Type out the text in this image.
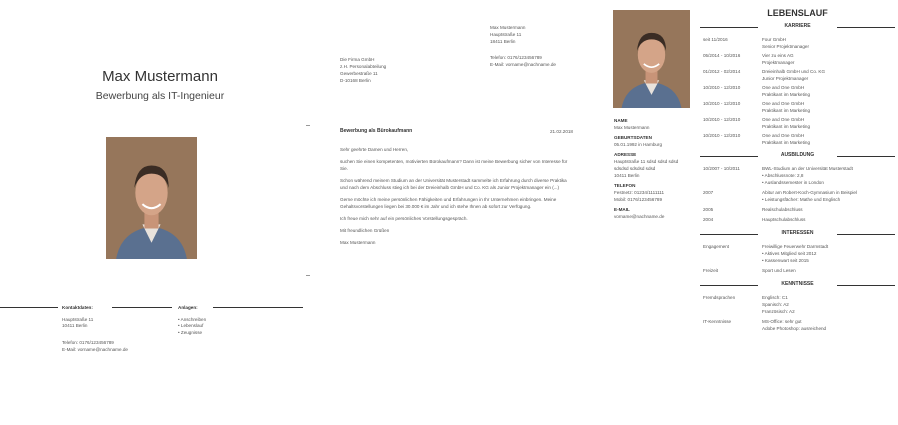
Max Mustermann
Bewerbung als IT-Ingenieur
Kontaktdaten:	Anlagen:
Hauptstraße 11
10411 Berlin
Telefon: 0176/123456789
E-Mail: vorname@nachname.de
• Anschreiben
• Lebenslauf
• Zeugnisse
Max Mustermann
Hauptstraße 11
18411 Berlin
Telefon: 0176/123456789
E-Mail: vorname@nachname.de
Die Firma GmbH
z.H. Personalabteilung
Gewerbestraße 11
D-10168 Berlin
Bewerbung als Bürokaufmann	21.02.2018

Sehr geehrte Damen und Herren,

suchen Sie einen kompetenten, motivierten Bürokaufmann? Dann ist meine Bewerbung sicher von Interesse für Sie.

Schon während meinem Studium an der Universität Musterstadt sammelte ich Erfahrung durch diverse Praktika und nach dem Abschluss stieg ich bei der Dreieinhalb GmbH und Co. KG als Junior Projektmanager ein (...)

Gerne möchte ich meine persönlichen Fähigkeiten und Erfahrungen in Ihr Unternehmen einbringen. Meine Gehaltsvorstellungen liegen bei 30.000 € im Jahr und ich stehe Ihnen ab sofort zur Verfügung.

Ich freue mich sehr auf ein persönliches Vorstellungsgespräch.

Mit freundlichen Grüßen

Max Mustermann

NAME
Max Mustermann
GEBURTSDATEN
05.01.1992 in Hamburg
ADRESSE
Hauptstraße 11 sdsd sdsd sdsd
sdsdsd sdsdsd sdsd
10411 Berlin
TELEFON
Festnetz: 01234/1111111
Mobil: 0176/123456789
E-MAIL
vorname@nachname.de
LEBENSLAUF
KARRIERE
seit 11/2016	Four GmbH
Senior Projektmanager
05/2014 - 10/2016	Vier zu eins AG
Projektmanager
01/2012 - 02/2014	Dreieinhalb GmbH und Co. KG
Junior Projektmanager
10/2010 - 12/2010	One and One GmbH
Praktikant im Marketing
10/2010 - 12/2010	One and One GmbH
Praktikant im Marketing
10/2010 - 12/2010	One and One GmbH
Praktikant im Marketing
10/2010 - 12/2010	One and One GmbH
Praktikant im Marketing
AUSBILDUNG
10/2007 - 10/2011	BWL-Studium an der Universität Musterstadt
• Abschlussnote: 2,8
• Auslandssemester in London
2007	Abitur am Robert-Koch-Gymnasium in Beispiel
• Leistungsfächer: Mathe und Englisch
2005	Realschulabschluss
2004	Hauptschulabschluss
INTERESSEN
Engagement	Freiwillige Feuerwehr Darmstadt
• Aktives Mitglied seit 2012
• Kassenwart seit 2015
Freizeit	Sport und Lesen
KENNTNISSE
Fremdsprachen	Englisch: C1
Spanisch: A2
Französisch: A2
IT-Kenntnisse	MS-Office: sehr gut
Adobe Photoshop: ausreichend
